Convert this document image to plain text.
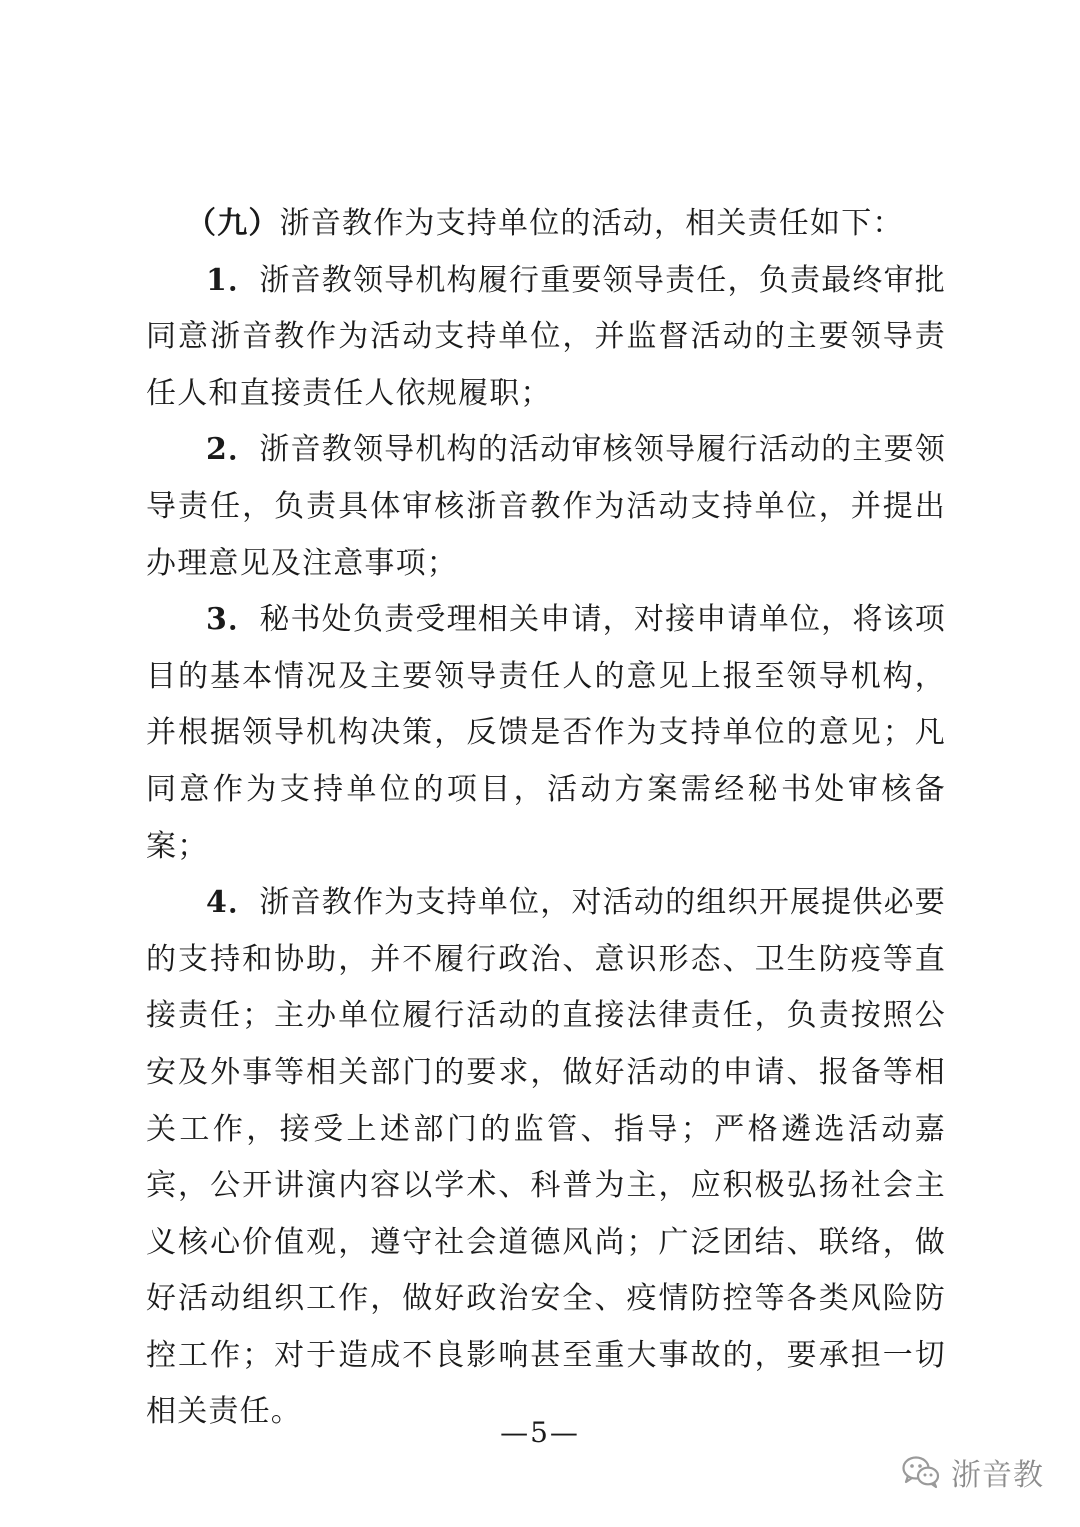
（九）浙音教作为支持单位的活动，相关责任如下：

1．浙音教领导机构履行重要领导责任，负责最终审批同意浙音教作为活动支持单位，并监督活动的主要领导责任人和直接责任人依规履职；

2．浙音教领导机构的活动审核领导履行活动的主要领导责任，负责具体审核浙音教作为活动支持单位，并提出办理意见及注意事项；

3．秘书处负责受理相关申请，对接申请单位，将该项目的基本情况及主要领导责任人的意见上报至领导机构，并根据领导机构决策，反馈是否作为支持单位的意见；凡同意作为支持单位的项目，活动方案需经秘书处审核备案；

4．浙音教作为支持单位，对活动的组织开展提供必要的支持和协助，并不履行政治、意识形态、卫生防疫等直接责任；主办单位履行活动的直接法律责任，负责按照公安及外事等相关部门的要求，做好活动的申请、报备等相关工作，接受上述部门的监管、指导；严格遴选活动嘉宾，公开讲演内容以学术、科普为主，应积极弘扬社会主义核心价值观，遵守社会道德风尚；广泛团结、联络，做好活动组织工作，做好政治安全、疫情防控等各类风险防控工作；对于造成不良影响甚至重大事故的，要承担一切相关责任。

—5—
浙音教
